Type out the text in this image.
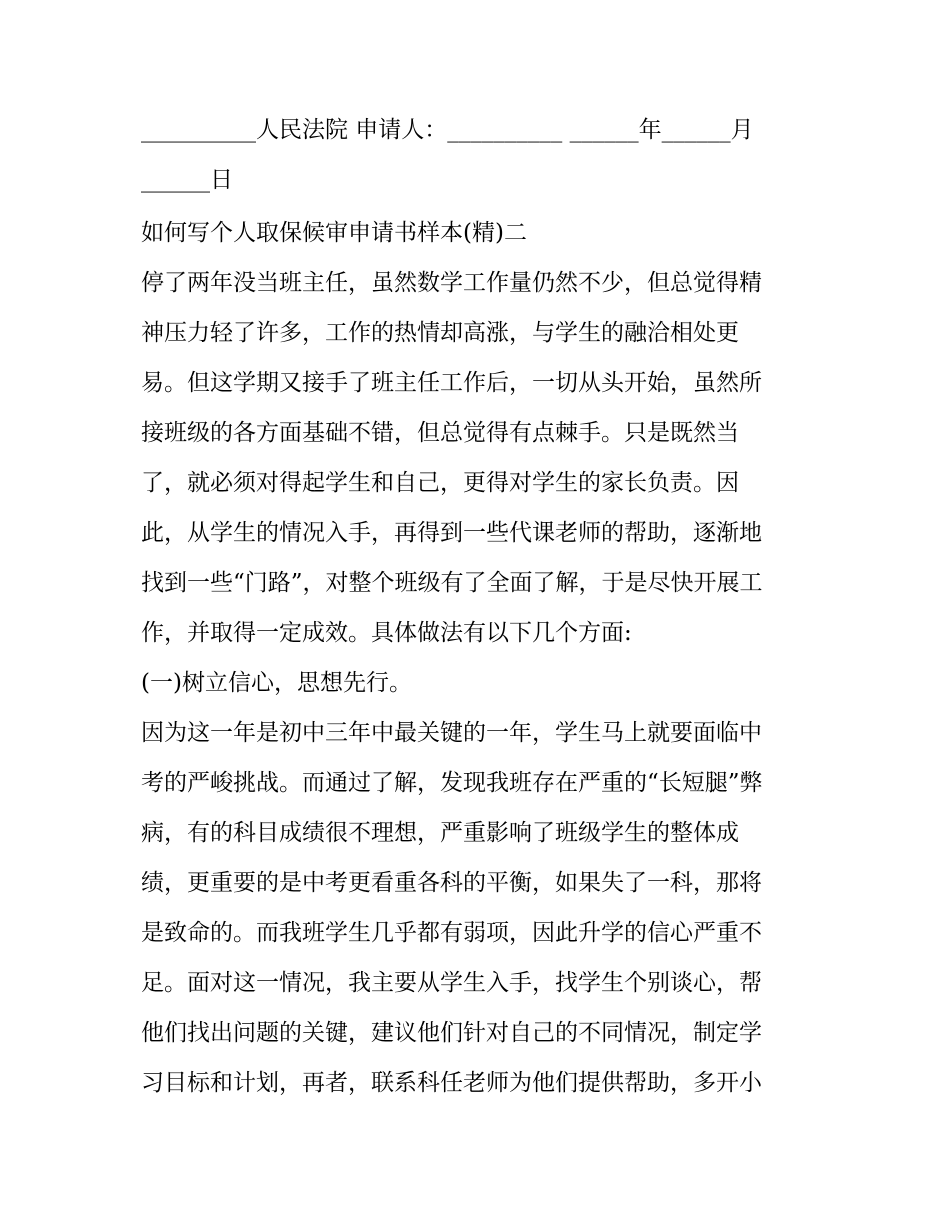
__________人民法院 申请人：__________ ______年______月
______日
如何写个人取保候审申请书样本(精)二
停了两年没当班主任，虽然数学工作量仍然不少，但总觉得精
神压力轻了许多，工作的热情却高涨，与学生的融洽相处更
易。但这学期又接手了班主任工作后，一切从头开始，虽然所
接班级的各方面基础不错，但总觉得有点棘手。只是既然当
了，就必须对得起学生和自己，更得对学生的家长负责。因
此，从学生的情况入手，再得到一些代课老师的帮助，逐渐地
找到一些“门路”，对整个班级有了全面了解，于是尽快开展工
作，并取得一定成效。具体做法有以下几个方面:
(一)树立信心，思想先行。
因为这一年是初中三年中最关键的一年，学生马上就要面临中
考的严峻挑战。而通过了解，发现我班存在严重的“长短腿”弊
病，有的科目成绩很不理想，严重影响了班级学生的整体成
绩，更重要的是中考更看重各科的平衡，如果失了一科，那将
是致命的。而我班学生几乎都有弱项，因此升学的信心严重不
足。面对这一情况，我主要从学生入手，找学生个别谈心，帮
他们找出问题的关键，建议他们针对自己的不同情况，制定学
习目标和计划，再者，联系科任老师为他们提供帮助，多开小
